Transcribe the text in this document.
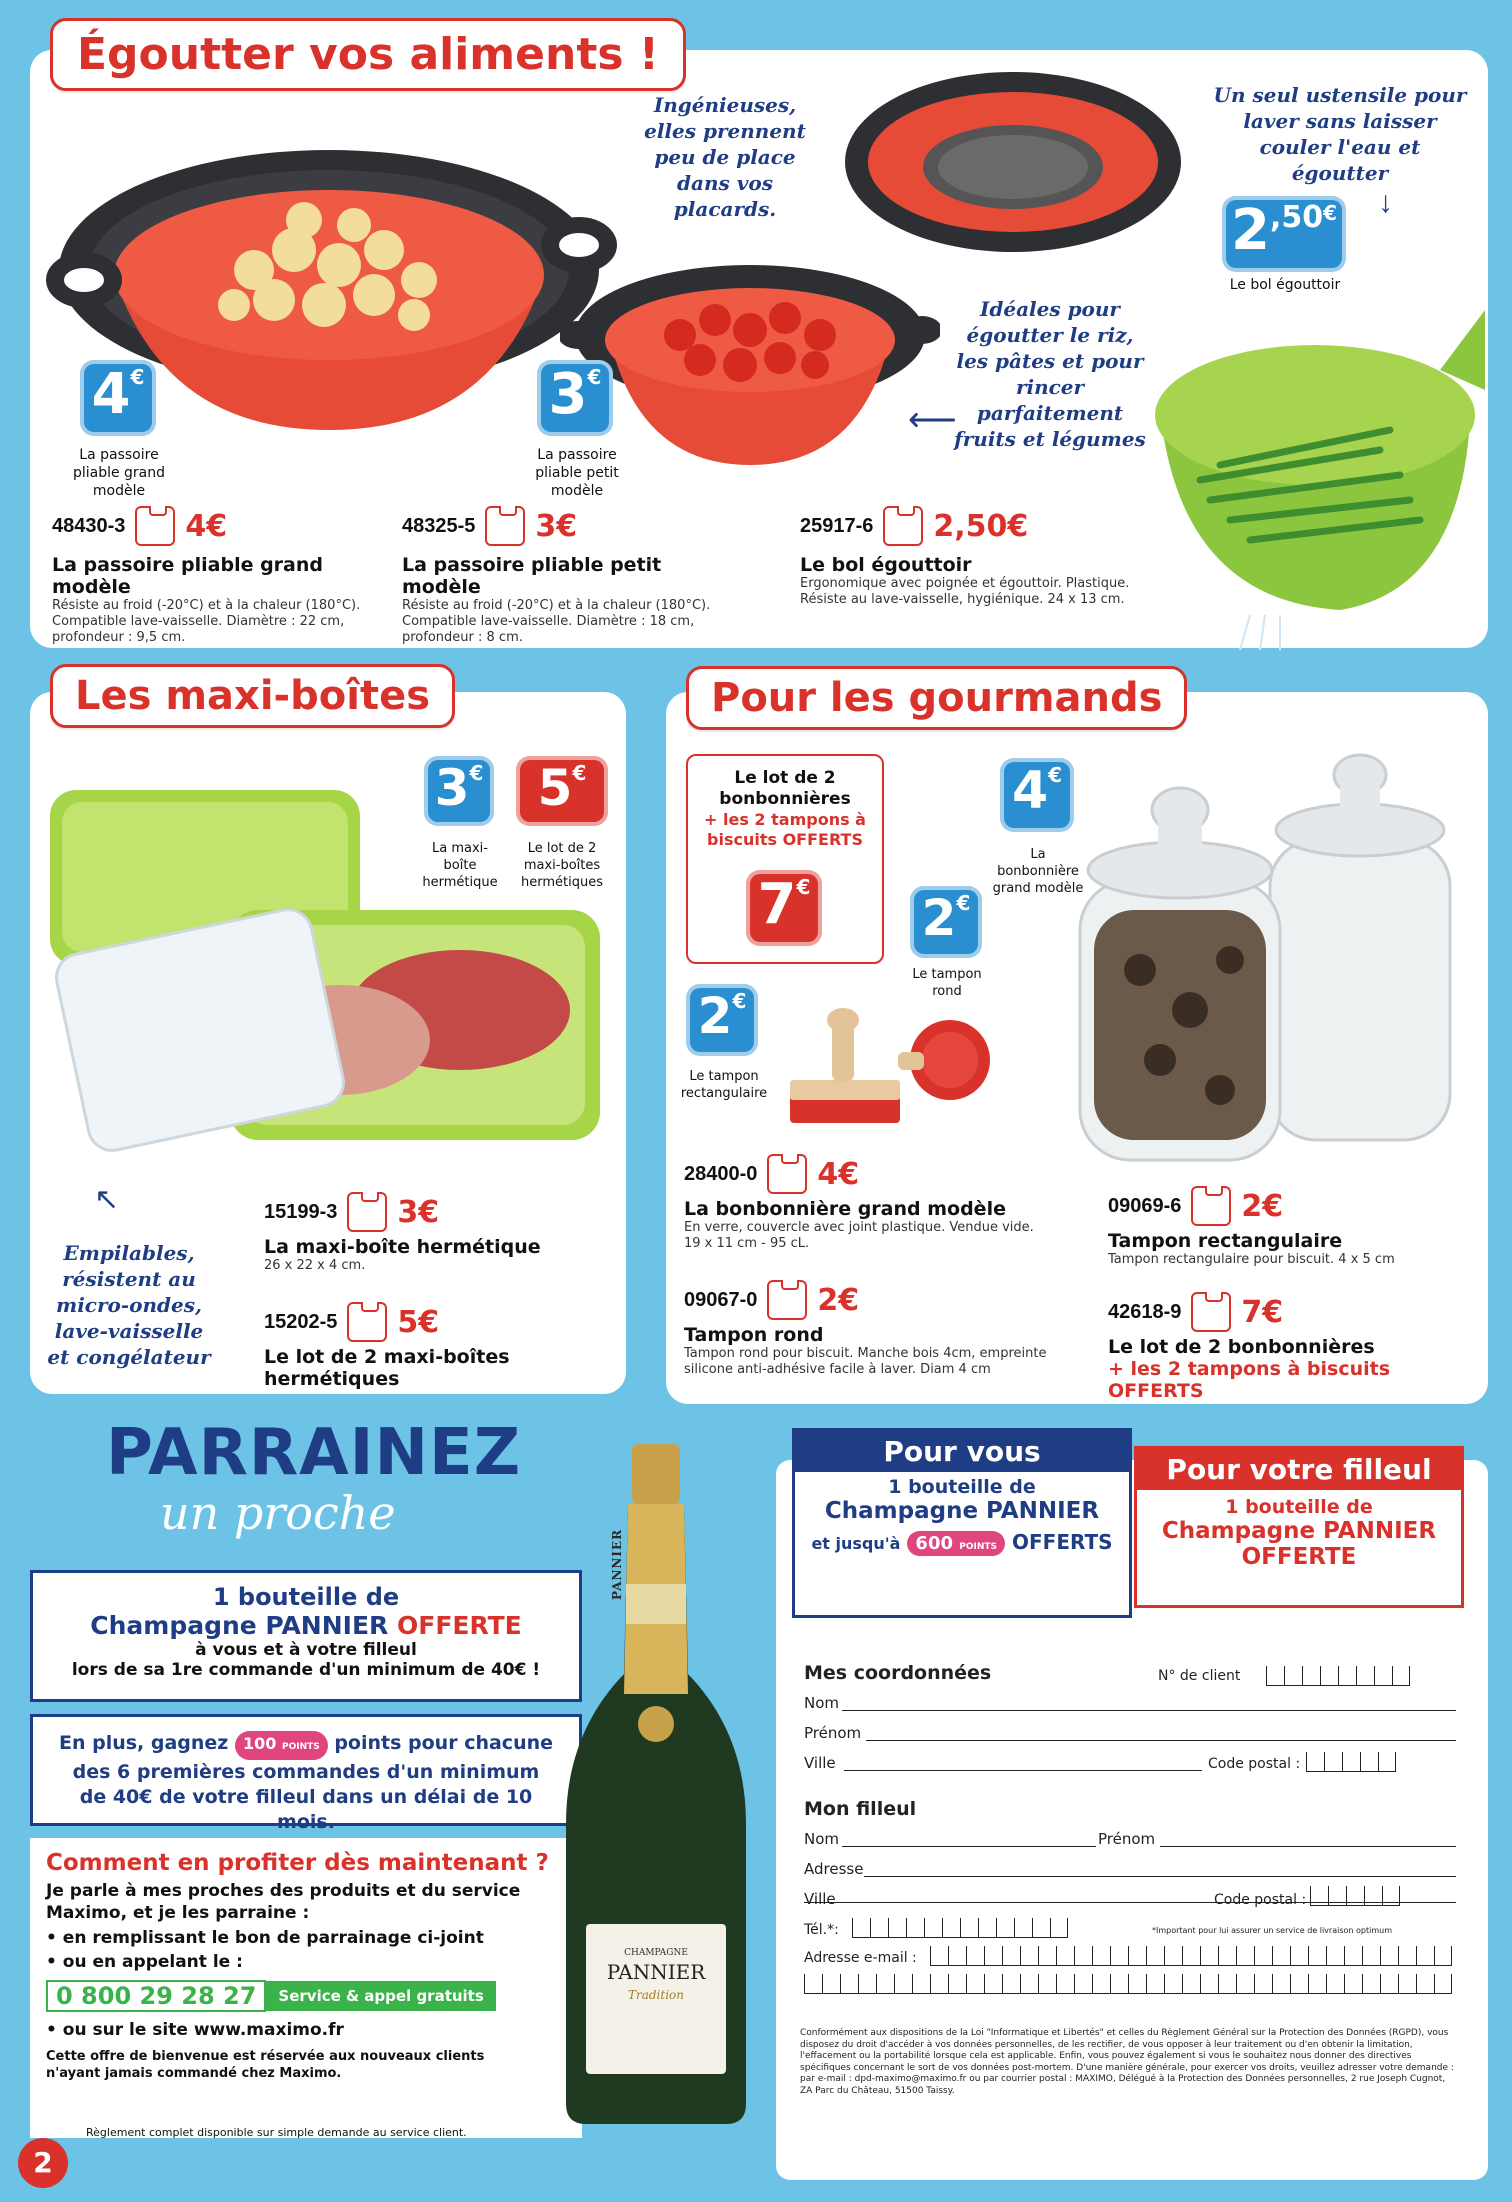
Égoutter vos aliments !
Ingénieuses, elles prennent peu de place dans vos placards.
Un seul ustensile pour laver sans laisser couler l'eau et égoutter
Idéales pour égoutter le riz, les pâtes et pour rincer parfaitement fruits et légumes
⟵
↓
4 €
La passoire pliable grand modèle
3 €
La passoire pliable petit modèle
2 ,50 €
Le bol égouttoir
48430-3 4€
La passoire pliable grand modèle
Résiste au froid (-20°C) et à la chaleur (180°C). Compatible lave-vaisselle. Diamètre : 22 cm, profondeur : 9,5 cm.
48325-5 3€
La passoire pliable petit modèle
Résiste au froid (-20°C) et à la chaleur (180°C). Compatible lave-vaisselle. Diamètre : 18 cm, profondeur : 8 cm.
25917-6 2,50€
Le bol égouttoir
Ergonomique avec poignée et égouttoir. Plastique. Résiste au lave-vaisselle, hygiénique. 24 x 13 cm.
Les maxi-boîtes
3 € 5 €
La maxi-boîte hermétique
Le lot de 2 maxi-boîtes hermétiques
↖
Empilables, résistent au micro-ondes, lave-vaisselle et congélateur
15199-3 3€
La maxi-boîte hermétique
26 x 22 x 4 cm.
15202-5 5€
Le lot de 2 maxi-boîtes hermétiques
Pour les gourmands
Le lot de 2 bonbonnières
+ les 2 tampons à biscuits OFFERTS
7 €
4 €
La bonbonnière grand modèle
2 €
Le tampon rond
2 €
Le tampon rectangulaire
28400-0 4€
La bonbonnière grand modèle
En verre, couvercle avec joint plastique. Vendue vide. 19 x 11 cm - 95 cL.
09067-0 2€
Tampon rond
Tampon rond pour biscuit. Manche bois 4cm, empreinte silicone anti-adhésive facile à laver. Diam 4 cm
09069-6 2€
Tampon rectangulaire
Tampon rectangulaire pour biscuit. 4 x 5 cm
42618-9 7€
Le lot de 2 bonbonnières
+ les 2 tampons à biscuits OFFERTS
PARRAINEZ
un proche
1 bouteille de
Champagne PANNIER OFFERTE
à vous et à votre filleul
lors de sa 1re commande d'un minimum de 40€ !
En plus, gagnez 100 POINTS points pour chacune des 6 premières commandes d'un minimum de 40€ de votre filleul dans un délai de 10 mois.
Comment en profiter dès maintenant ?
Je parle à mes proches des produits et du service Maximo, et je les parraine :
• en remplissant le bon de parrainage ci-joint
• ou en appelant le :
0 800 29 28 27	Service & appel gratuits
• ou sur le site www.maximo.fr
Cette offre de bienvenue est réservée aux nouveaux clients n'ayant jamais commandé chez Maximo.
Règlement complet disponible sur simple demande au service client.
PANNIER
CHAMPAGNE
PANNIER
Tradition
Pour vous
1 bouteille de
Champagne PANNIER
et jusqu'à 600 POINTS OFFERTS
Pour votre filleul
1 bouteille de
Champagne PANNIER
OFFERTE
Mes coordonnées	N° de client
Nom
Prénom
Ville	Code postal :
Mon filleul
Nom	Prénom
Adresse
Ville	Code postal :
Tél.*:	*Important pour lui assurer un service de livraison optimum
Adresse e-mail :
Conformément aux dispositions de la Loi "Informatique et Libertés" et celles du Règlement Général sur la Protection des Données (RGPD), vous disposez du droit d'accéder à vos données personnelles, de les rectifier, de vous opposer à leur traitement ou d'en obtenir la limitation, l'effacement ou la portabilité lorsque cela est applicable. Enfin, vous pouvez également si vous le souhaitez nous donner des directives spécifiques concernant le sort de vos données post-mortem. D'une manière générale, pour exercer vos droits, veuillez adresser votre demande : par e-mail : dpd-maximo@maximo.fr ou par courrier postal : MAXIMO, Délégué à la Protection des Données personnelles, 2 rue Joseph Cugnot, ZA Parc du Château, 51500 Taissy.
2
